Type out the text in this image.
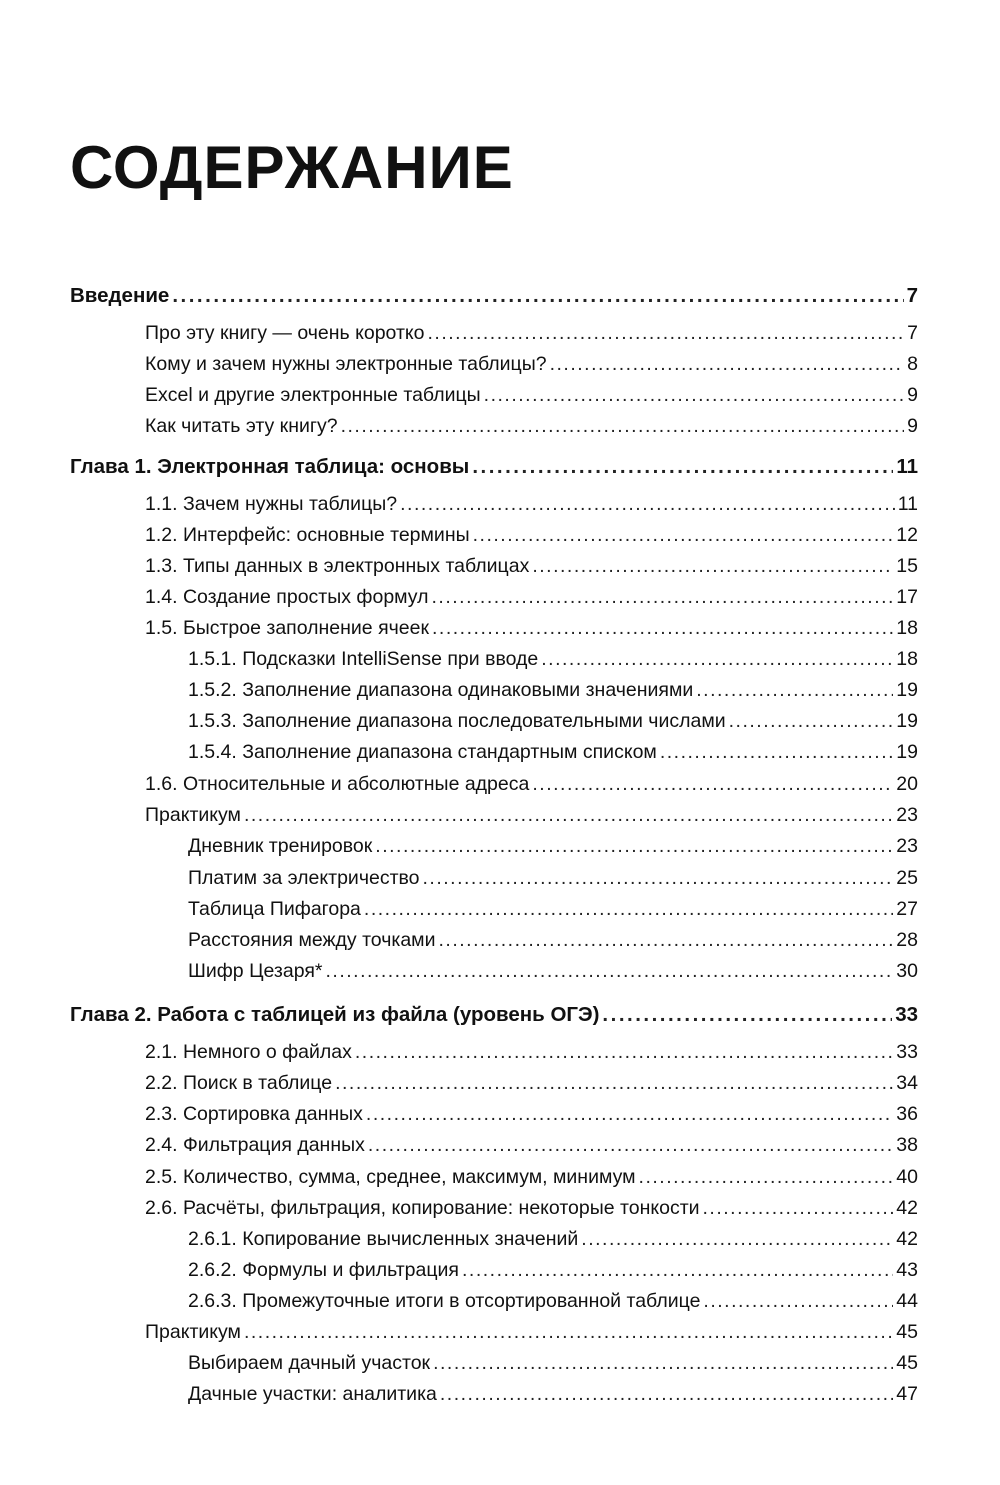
СОДЕРЖАНИЕ
Введение .....	7
Про эту книгу — очень коротко .....	7
Кому и зачем нужны электронные таблицы? .....	8
Excel и другие электронные таблицы .....	9
Как читать эту книгу? .....	9
Глава 1. Электронная таблица: основы .....	11
1.1. Зачем нужны таблицы? .....	11
1.2. Интерфейс: основные термины .....	12
1.3. Типы данных в электронных таблицах .....	15
1.4. Создание простых формул .....	17
1.5. Быстрое заполнение ячеек .....	18
1.5.1. Подсказки IntelliSense при вводе .....	18
1.5.2. Заполнение диапазона одинаковыми значениями .....	19
1.5.3. Заполнение диапазона последовательными числами .....	19
1.5.4. Заполнение диапазона стандартным списком .....	19
1.6. Относительные и абсолютные адреса .....	20
Практикум .....	23
Дневник тренировок .....	23
Платим за электричество .....	25
Таблица Пифагора .....	27
Расстояния между точками .....	28
Шифр Цезаря* .....	30
Глава 2. Работа с таблицей из файла (уровень ОГЭ) .....	33
2.1. Немного о файлах .....	33
2.2. Поиск в таблице .....	34
2.3. Сортировка данных .....	36
2.4. Фильтрация данных .....	38
2.5. Количество, сумма, среднее, максимум, минимум .....	40
2.6. Расчёты, фильтрация, копирование: некоторые тонкости .....	42
2.6.1. Копирование вычисленных значений .....	42
2.6.2. Формулы и фильтрация .....	43
2.6.3. Промежуточные итоги в отсортированной таблице .....	44
Практикум .....	45
Выбираем дачный участок .....	45
Дачные участки: аналитика .....	47
